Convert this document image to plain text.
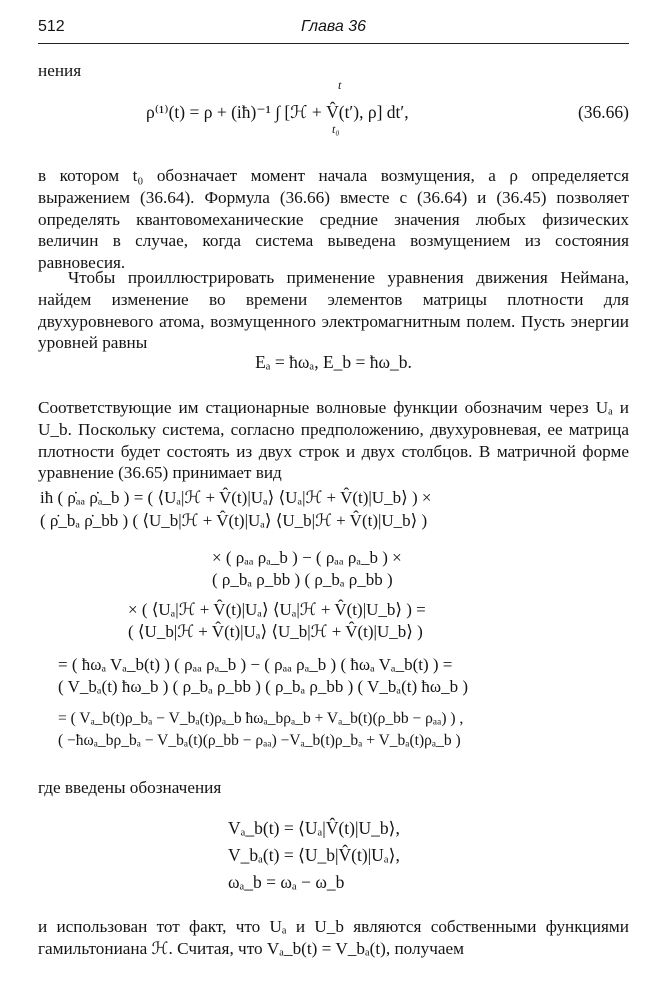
512	Глава 36

нения

t
ρ⁽¹⁾(t) = ρ + (iħ)⁻¹ ∫ [ℋ + V̂(t′), ρ] dt′,
t₀
(36.66)

в котором t₀ обозначает момент начала возмущения, а ρ определяется выражением (36.64). Формула (36.66) вместе с (36.64) и (36.45) позволяет определять квантовомеханические средние значения любых физических величин в случае, когда система выведена возмущением из состояния равновесия.

Чтобы проиллюстрировать применение уравнения движения Неймана, найдем изменение во времени элементов матрицы плотности для двухуровневого атома, возмущенного электромагнитным полем. Пусть энергии уровней равны

Eₐ = ħωₐ, E_b = ħω_b.

Соответствующие им стационарные волновые функции обозначим через Uₐ и U_b. Поскольку система, согласно предположению, двухуровневая, ее матрица плотности будет состоять из двух строк и двух столбцов. В матричной форме уравнение (36.65) принимает вид

iħ ( ρ̇ₐₐ ρ̇ₐ_b ) = ( ⟨Uₐ|ℋ + V̂(t)|Uₐ⟩ ⟨Uₐ|ℋ + V̂(t)|U_b⟩ ) ×
( ρ̇_bₐ ρ̇_bb ) ( ⟨U_b|ℋ + V̂(t)|Uₐ⟩ ⟨U_b|ℋ + V̂(t)|U_b⟩ )
× ( ρₐₐ ρₐ_b ) − ( ρₐₐ ρₐ_b ) ×
( ρ_bₐ ρ_bb ) ( ρ_bₐ ρ_bb )
× ( ⟨Uₐ|ℋ + V̂(t)|Uₐ⟩ ⟨Uₐ|ℋ + V̂(t)|U_b⟩ ) =
( ⟨U_b|ℋ + V̂(t)|Uₐ⟩ ⟨U_b|ℋ + V̂(t)|U_b⟩ )
= ( ħωₐ Vₐ_b(t) ) ( ρₐₐ ρₐ_b ) − ( ρₐₐ ρₐ_b ) ( ħωₐ Vₐ_b(t) ) =
( V_bₐ(t) ħω_b ) ( ρ_bₐ ρ_bb ) ( ρ_bₐ ρ_bb ) ( V_bₐ(t) ħω_b )
= ( Vₐ_b(t)ρ_bₐ − V_bₐ(t)ρₐ_b ħωₐ_bρₐ_b + Vₐ_b(t)(ρ_bb − ρₐₐ) ) ,
( −ħωₐ_bρ_bₐ − V_bₐ(t)(ρ_bb − ρₐₐ) −Vₐ_b(t)ρ_bₐ + V_bₐ(t)ρₐ_b )

где введены обозначения

Vₐ_b(t) = ⟨Uₐ|V̂(t)|U_b⟩,
V_bₐ(t) = ⟨U_b|V̂(t)|Uₐ⟩,
ωₐ_b = ωₐ − ω_b

и использован тот факт, что Uₐ и U_b являются собственными функциями гамильтониана ℋ. Считая, что Vₐ_b(t) = V_bₐ(t), получаем
